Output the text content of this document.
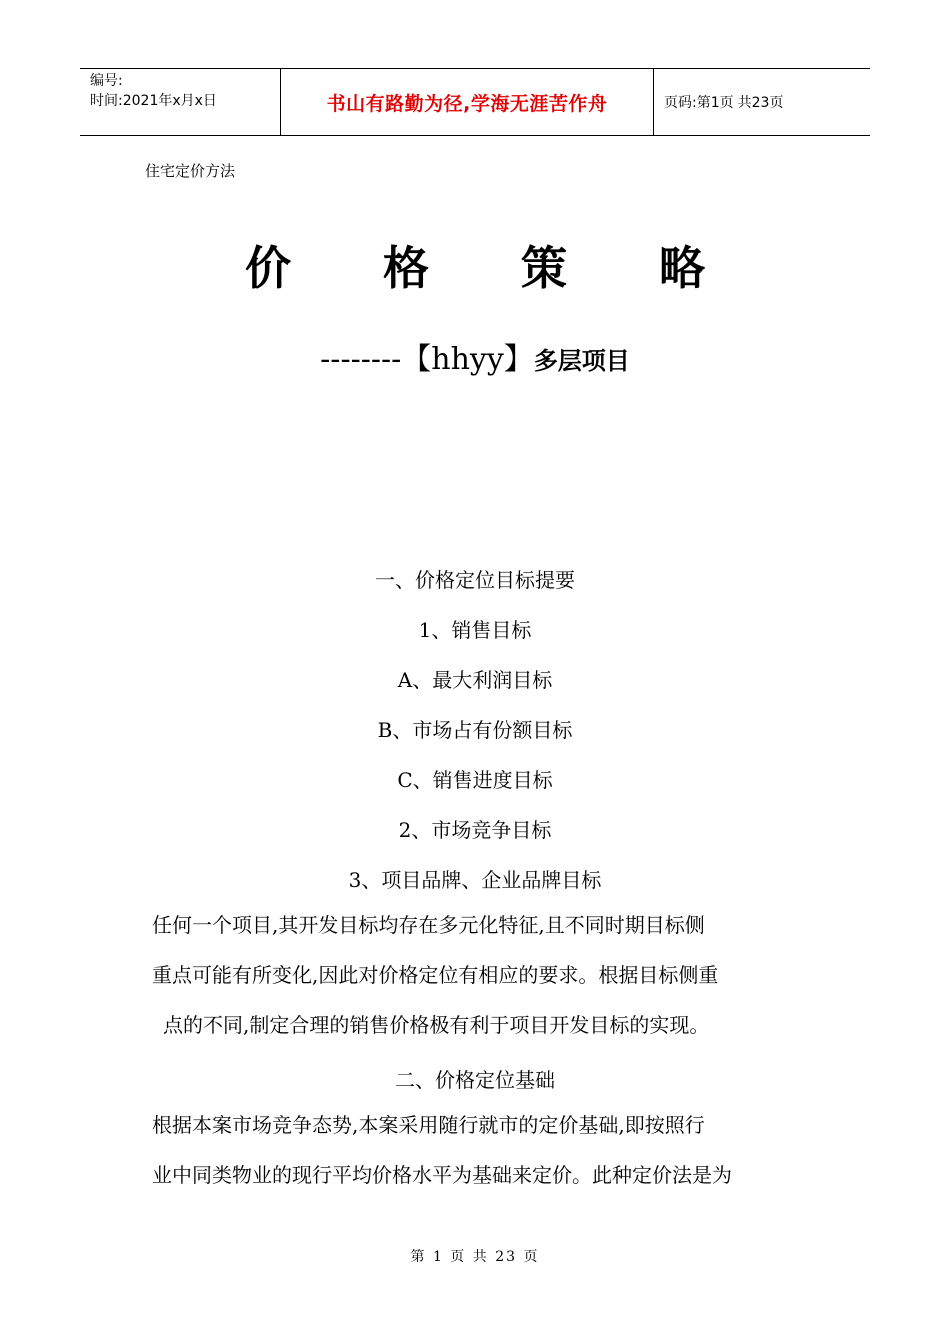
编号:
时间:2021年x月x日	书山有路勤为径,学海无涯苦作舟	页码:第1页 共23页
住宅定价方法
价 格 策 略
--------【hhyy】多层项目
一、价格定位目标提要
1、销售目标
A、最大利润目标
B、市场占有份额目标
C、销售进度目标
2、市场竞争目标
3、项目品牌、企业品牌目标
任何一个项目,其开发目标均存在多元化特征,且不同时期目标侧
重点可能有所变化,因此对价格定位有相应的要求。根据目标侧重
点的不同,制定合理的销售价格极有利于项目开发目标的实现。
二、价格定位基础
根据本案市场竞争态势,本案采用随行就市的定价基础,即按照行
业中同类物业的现行平均价格水平为基础来定价。此种定价法是为
第 1 页 共 23 页
